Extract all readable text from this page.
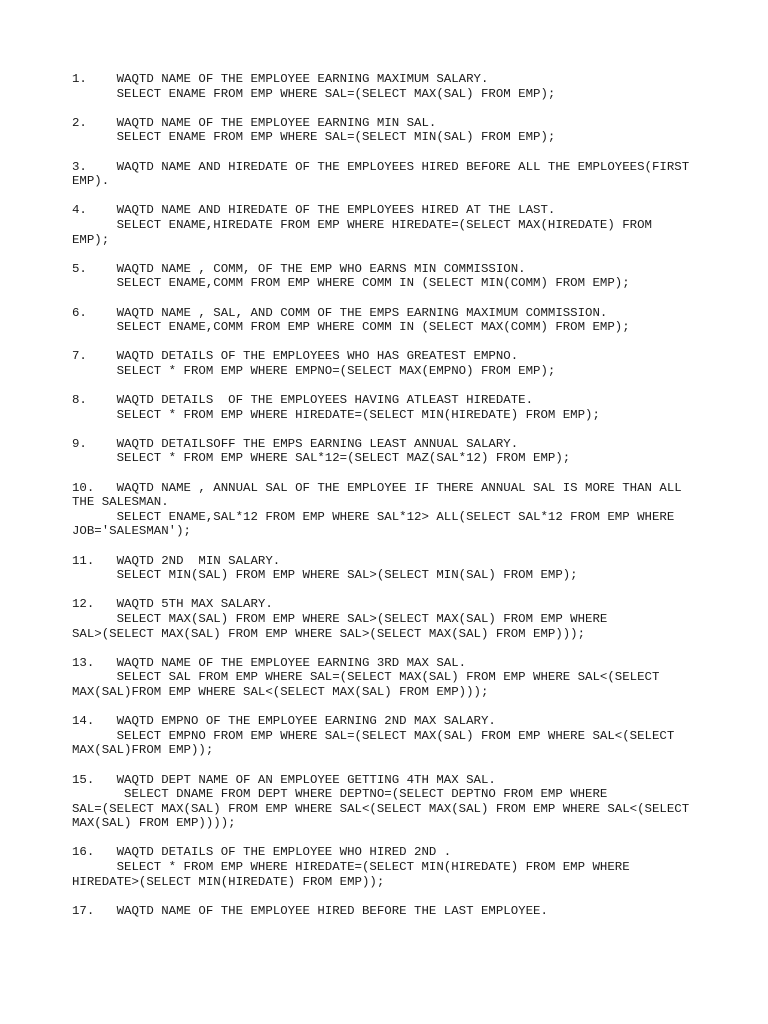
1.    WAQTD NAME OF THE EMPLOYEE EARNING MAXIMUM SALARY.
SELECT ENAME FROM EMP WHERE SAL=(SELECT MAX(SAL) FROM EMP);
2.    WAQTD NAME OF THE EMPLOYEE EARNING MIN SAL.
SELECT ENAME FROM EMP WHERE SAL=(SELECT MIN(SAL) FROM EMP);
3.    WAQTD NAME AND HIREDATE OF THE EMPLOYEES HIRED BEFORE ALL THE EMPLOYEES(FIRST
EMP).
4.    WAQTD NAME AND HIREDATE OF THE EMPLOYEES HIRED AT THE LAST.
SELECT ENAME,HIREDATE FROM EMP WHERE HIREDATE=(SELECT MAX(HIREDATE) FROM
EMP);
5.    WAQTD NAME , COMM, OF THE EMP WHO EARNS MIN COMMISSION.
SELECT ENAME,COMM FROM EMP WHERE COMM IN (SELECT MIN(COMM) FROM EMP);
6.    WAQTD NAME , SAL, AND COMM OF THE EMPS EARNING MAXIMUM COMMISSION.
SELECT ENAME,COMM FROM EMP WHERE COMM IN (SELECT MAX(COMM) FROM EMP);
7.    WAQTD DETAILS OF THE EMPLOYEES WHO HAS GREATEST EMPNO.
SELECT * FROM EMP WHERE EMPNO=(SELECT MAX(EMPNO) FROM EMP);
8.    WAQTD DETAILS  OF THE EMPLOYEES HAVING ATLEAST HIREDATE.
SELECT * FROM EMP WHERE HIREDATE=(SELECT MIN(HIREDATE) FROM EMP);
9.    WAQTD DETAILSOFF THE EMPS EARNING LEAST ANNUAL SALARY.
SELECT * FROM EMP WHERE SAL*12=(SELECT MAZ(SAL*12) FROM EMP);
10.   WAQTD NAME , ANNUAL SAL OF THE EMPLOYEE IF THERE ANNUAL SAL IS MORE THAN ALL
THE SALESMAN.
SELECT ENAME,SAL*12 FROM EMP WHERE SAL*12> ALL(SELECT SAL*12 FROM EMP WHERE
JOB='SALESMAN');
11.   WAQTD 2ND  MIN SALARY.
SELECT MIN(SAL) FROM EMP WHERE SAL>(SELECT MIN(SAL) FROM EMP);
12.   WAQTD 5TH MAX SALARY.
SELECT MAX(SAL) FROM EMP WHERE SAL>(SELECT MAX(SAL) FROM EMP WHERE
SAL>(SELECT MAX(SAL) FROM EMP WHERE SAL>(SELECT MAX(SAL) FROM EMP)));
13.   WAQTD NAME OF THE EMPLOYEE EARNING 3RD MAX SAL.
SELECT SAL FROM EMP WHERE SAL=(SELECT MAX(SAL) FROM EMP WHERE SAL<(SELECT
MAX(SAL)FROM EMP WHERE SAL<(SELECT MAX(SAL) FROM EMP)));
14.   WAQTD EMPNO OF THE EMPLOYEE EARNING 2ND MAX SALARY.
SELECT EMPNO FROM EMP WHERE SAL=(SELECT MAX(SAL) FROM EMP WHERE SAL<(SELECT
MAX(SAL)FROM EMP));
15.   WAQTD DEPT NAME OF AN EMPLOYEE GETTING 4TH MAX SAL.
SELECT DNAME FROM DEPT WHERE DEPTNO=(SELECT DEPTNO FROM EMP WHERE
SAL=(SELECT MAX(SAL) FROM EMP WHERE SAL<(SELECT MAX(SAL) FROM EMP WHERE SAL<(SELECT
MAX(SAL) FROM EMP))));
16.   WAQTD DETAILS OF THE EMPLOYEE WHO HIRED 2ND .
SELECT * FROM EMP WHERE HIREDATE=(SELECT MIN(HIREDATE) FROM EMP WHERE
HIREDATE>(SELECT MIN(HIREDATE) FROM EMP));
17.   WAQTD NAME OF THE EMPLOYEE HIRED BEFORE THE LAST EMPLOYEE.
